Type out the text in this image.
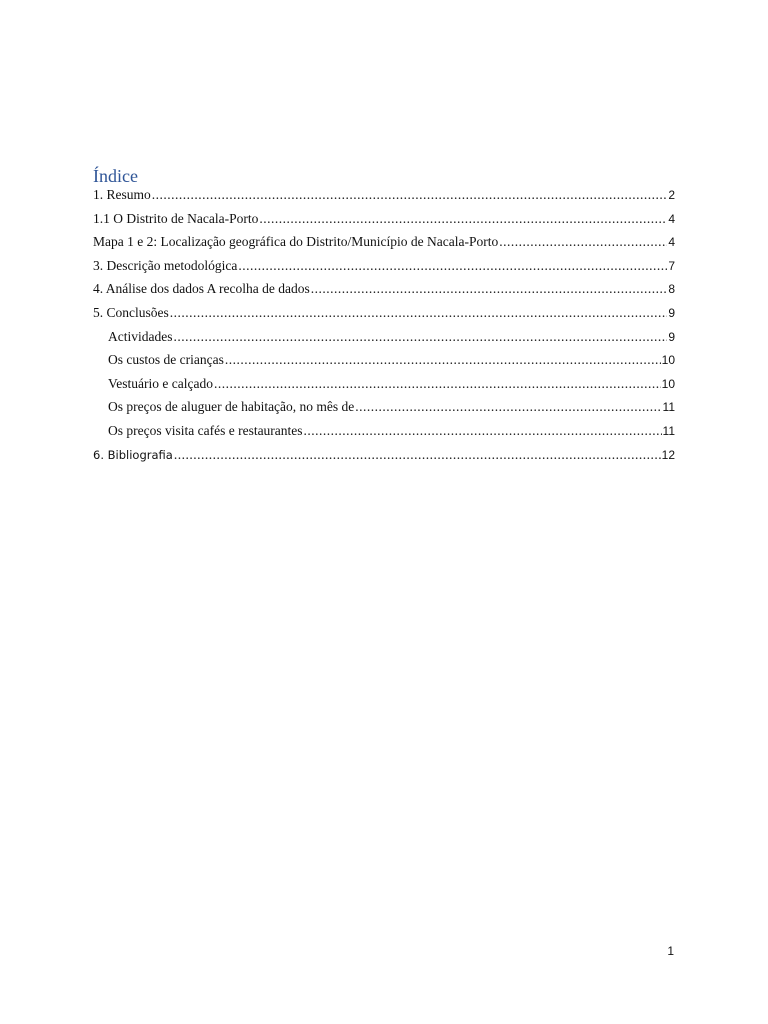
Índice
1. Resumo .....	2
1.1 O Distrito de Nacala-Porto .....	4
Mapa 1 e 2: Localização geográfica do Distrito/Município de Nacala-Porto .....	4
3. Descrição metodológica .....	7
4. Análise dos dados A recolha de dados .....	8
5. Conclusões .....	9
Actividades .....	9
Os custos de crianças .....	10
Vestuário e calçado .....	10
Os preços de aluguer de habitação, no mês de .....	11
Os preços visita cafés e restaurantes .....	11
6. Bibliografia .....	12
1
